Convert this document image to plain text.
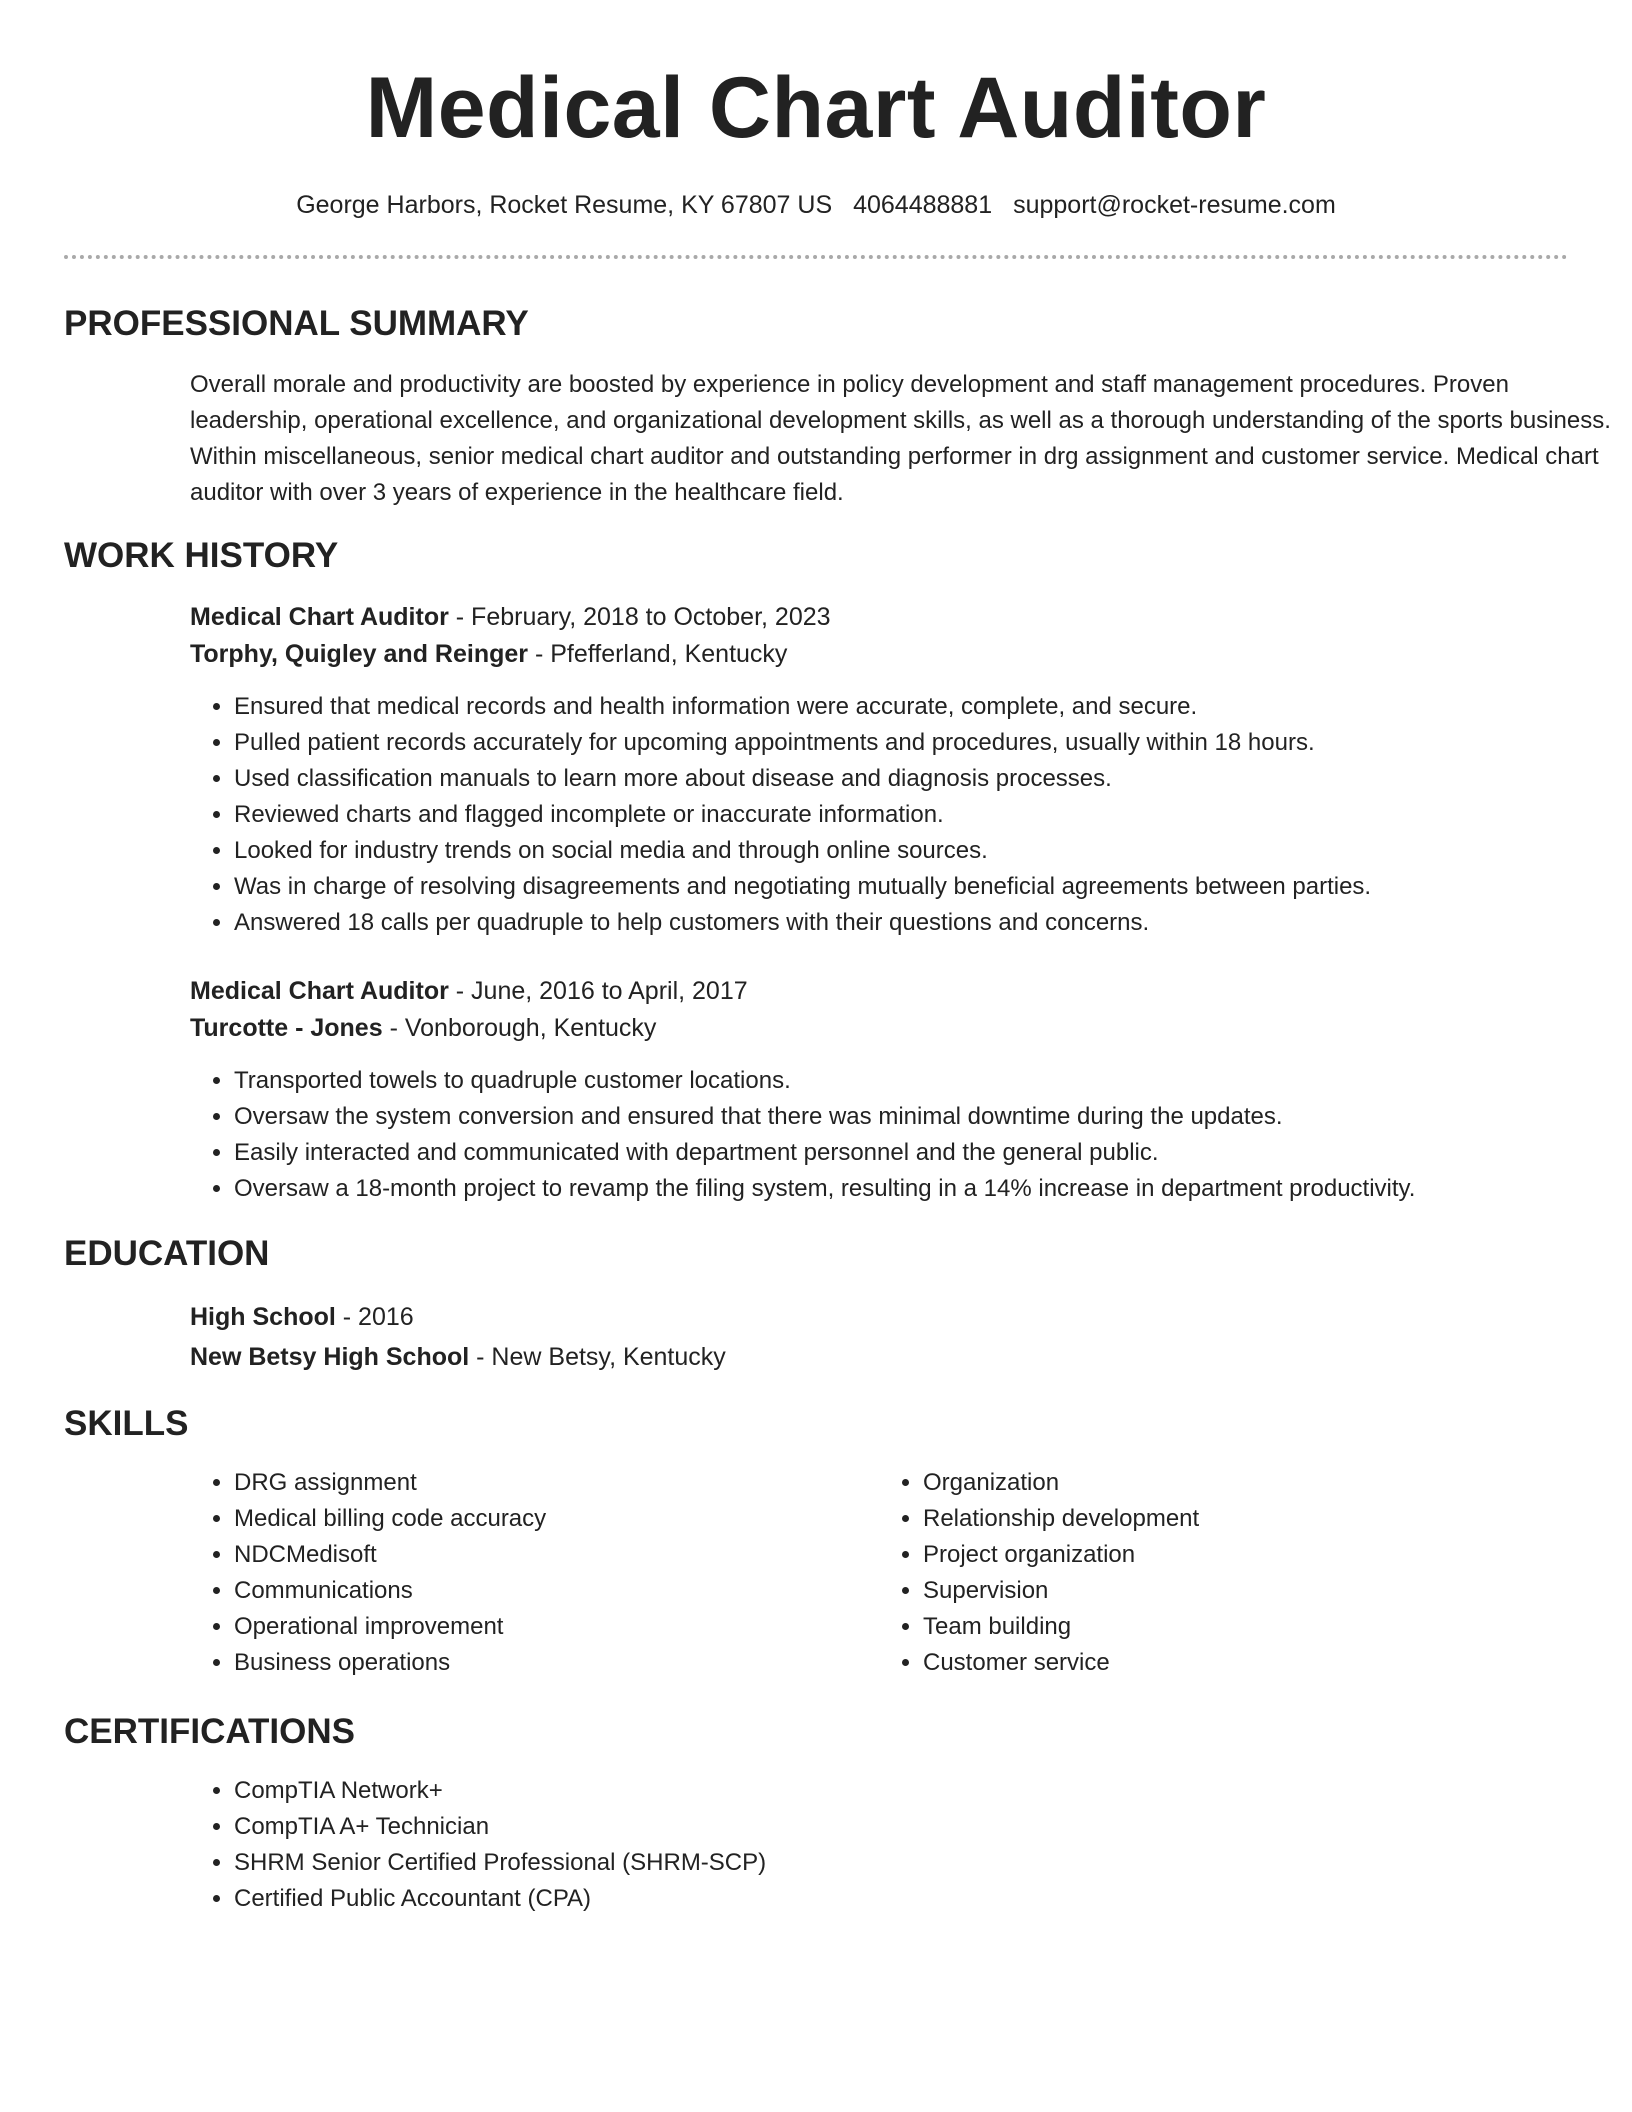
Medical Chart Auditor
George Harbors, Rocket Resume, KY 67807 US 4064488881 support@rocket-resume.com
PROFESSIONAL SUMMARY

Overall morale and productivity are boosted by experience in policy development and staff management procedures. Proven leadership, operational excellence, and organizational development skills, as well as a thorough understanding of the sports business. Within miscellaneous, senior medical chart auditor and outstanding performer in drg assignment and customer service. Medical chart auditor with over 3 years of experience in the healthcare field.

WORK HISTORY
Medical Chart Auditor - February, 2018 to October, 2023
Torphy, Quigley and Reinger - Pfefferland, Kentucky
• Ensured that medical records and health information were accurate, complete, and secure.
• Pulled patient records accurately for upcoming appointments and procedures, usually within 18 hours.
• Used classification manuals to learn more about disease and diagnosis processes.
• Reviewed charts and flagged incomplete or inaccurate information.
• Looked for industry trends on social media and through online sources.
• Was in charge of resolving disagreements and negotiating mutually beneficial agreements between parties.
• Answered 18 calls per quadruple to help customers with their questions and concerns.
Medical Chart Auditor - June, 2016 to April, 2017
Turcotte - Jones - Vonborough, Kentucky
• Transported towels to quadruple customer locations.
• Oversaw the system conversion and ensured that there was minimal downtime during the updates.
• Easily interacted and communicated with department personnel and the general public.
• Oversaw a 18-month project to revamp the filing system, resulting in a 14% increase in department productivity.
EDUCATION
High School - 2016
New Betsy High School - New Betsy, Kentucky
SKILLS
• DRG assignment
• Medical billing code accuracy
• NDCMedisoft
• Communications
• Operational improvement
• Business operations
• Organization
• Relationship development
• Project organization
• Supervision
• Team building
• Customer service
CERTIFICATIONS
• CompTIA Network+
• CompTIA A+ Technician
• SHRM Senior Certified Professional (SHRM-SCP)
• Certified Public Accountant (CPA)
